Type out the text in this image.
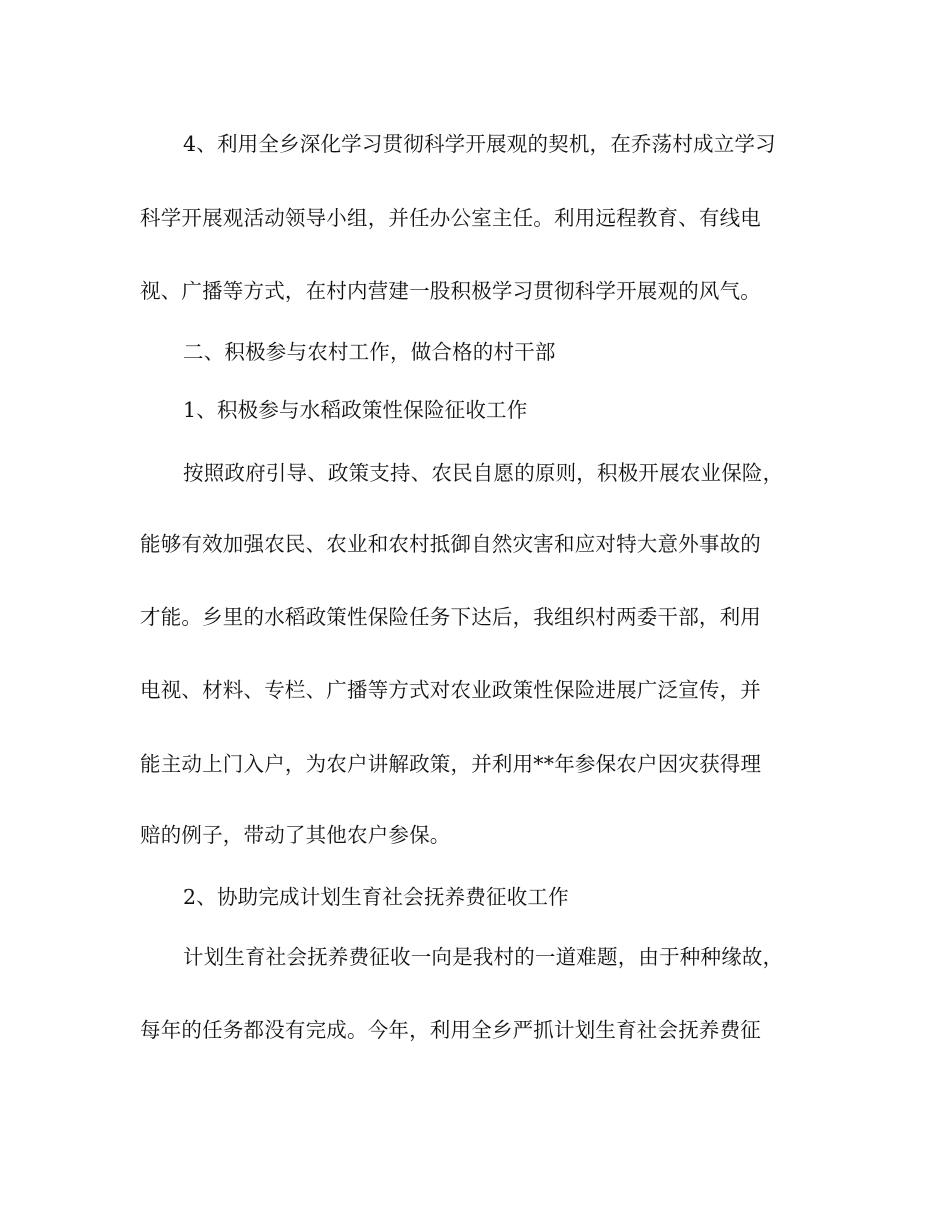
4、利用全乡深化学习贯彻科学开展观的契机，在乔荡村成立学习
科学开展观活动领导小组，并任办公室主任。利用远程教育、有线电
视、广播等方式，在村内营建一股积极学习贯彻科学开展观的风气。
二、积极参与农村工作，做合格的村干部
1、积极参与水稻政策性保险征收工作
按照政府引导、政策支持、农民自愿的原则，积极开展农业保险，
能够有效加强农民、农业和农村抵御自然灾害和应对特大意外事故的
才能。乡里的水稻政策性保险任务下达后，我组织村两委干部，利用
电视、材料、专栏、广播等方式对农业政策性保险进展广泛宣传，并
能主动上门入户，为农户讲解政策，并利用**年参保农户因灾获得理
赔的例子，带动了其他农户参保。
2、协助完成计划生育社会抚养费征收工作
计划生育社会抚养费征收一向是我村的一道难题，由于种种缘故，
每年的任务都没有完成。今年，利用全乡严抓计划生育社会抚养费征
